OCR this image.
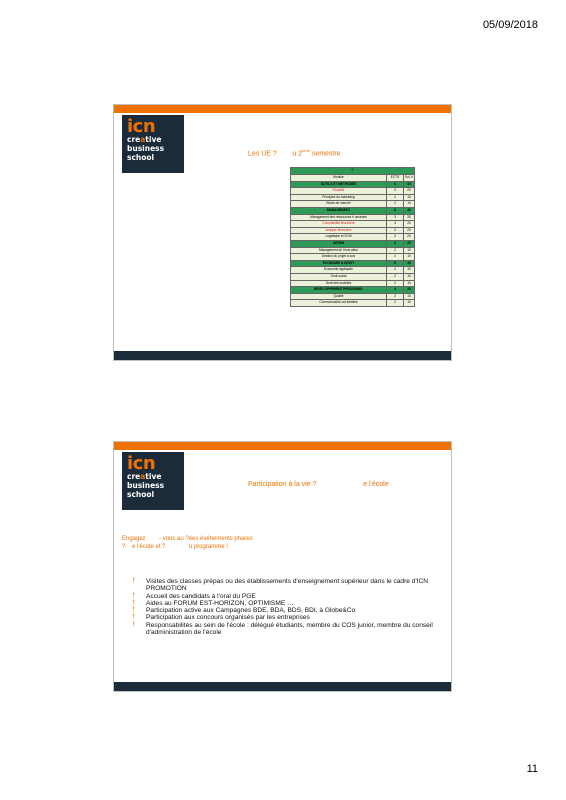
05/09/2018
icn
creative
business
school	Les UE ?        u 2ème semestre
S		
Module	ECTS	Vol. h
OUTILS ET METHODES	6	40
Fiscalité	3	20
Principes du marketing	2	10
Etude de marché	2	10
MANAGEMENT	6	40
Management des ressources h umaines	3	20
Comptabilité financière	3	20
Analyse financière	3	20
Logistique et SCM	3	20
ARTEM	4	20
Management de l'inno ation	2	10
Gestion du projet à suiv	2	10
ECONOMIE & DROIT	6	40
Economie appliquée	4	30
Droit social	2	10
Droit des sociétés	2	10
DEVELOPPEMENT PERSONNEL	4	20
Qualité	2	10
Communication ad istrative	2	10
icn
creative
business
school
Participation à la vie ?                        e l'école
Engagez        - vous au ?ées événements phares
?    e l'école et ?              u programme !
† Visites des classes prépas ou des établissements d'enseignement supérieur dans le cadre d'ICN PROMOTION
† Accueil des candidats à l'oral du PGE
† Aides au FORUM EST-HORIZON, OPTIMISME …
† Participation active aux Campagnes BDE, BDA, BDS, BDI, à Globe&Co
† Participation aux concours organisés par les entreprises
† Responsabilités au sein de l'école : délégué étudiants, membre du COS junior, membre du conseil d'administration de l'école
11
